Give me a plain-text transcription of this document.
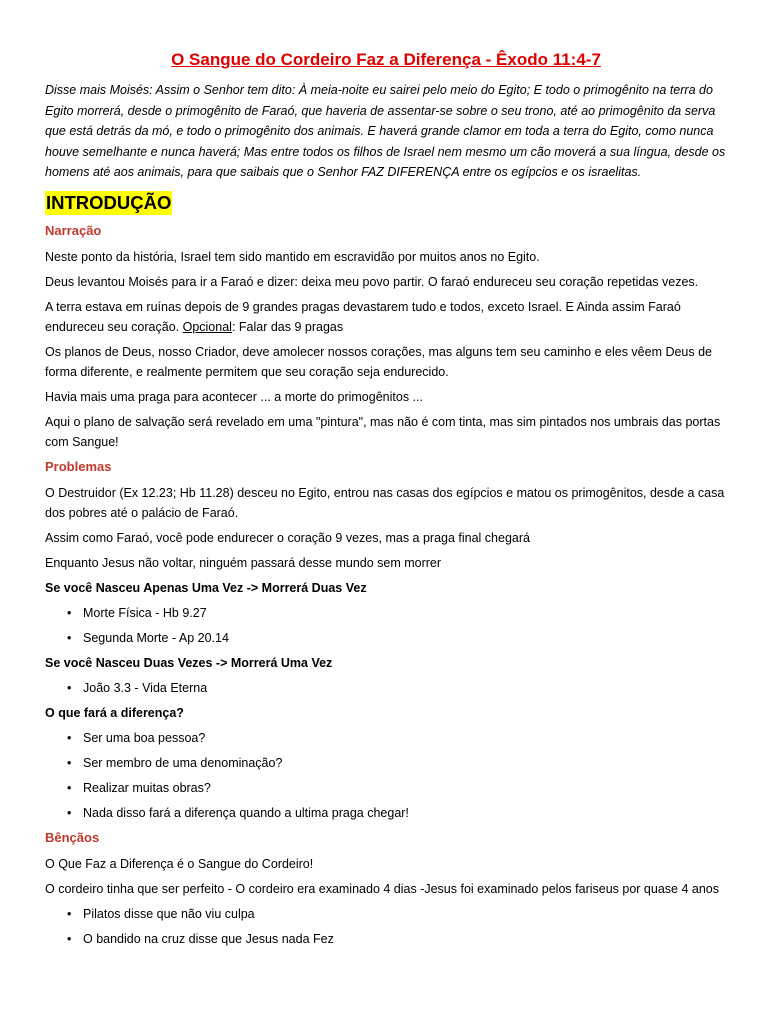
O Sangue do Cordeiro Faz a Diferença - Êxodo 11:4-7

Disse mais Moisés: Assim o Senhor tem dito: À meia-noite eu sairei pelo meio do Egito; E todo o primogênito na terra do Egito morrerá, desde o primogênito de Faraó, que haveria de assentar-se sobre o seu trono, até ao primogênito da serva que está detrás da mó, e todo o primogênito dos animais. E haverá grande clamor em toda a terra do Egito, como nunca houve semelhante e nunca haverá; Mas entre todos os filhos de Israel nem mesmo um cão moverá a sua língua, desde os homens até aos animais, para que saibais que o Senhor FAZ DIFERENÇA entre os egípcios e os israelitas.

INTRODUÇÃO
Narração

Neste ponto da história, Israel tem sido mantido em escravidão por muitos anos no Egito.

Deus levantou Moisés para ir a Faraó e dizer: deixa meu povo partir. O faraó endureceu seu coração repetidas vezes.

A terra estava em ruínas depois de 9 grandes pragas devastarem tudo e todos, exceto Israel. E Ainda assim Faraó endureceu seu coração. Opcional: Falar das 9 pragas

Os planos de Deus, nosso Criador, deve amolecer nossos corações, mas alguns tem seu caminho e eles vêem Deus de forma diferente, e realmente permitem que seu coração seja endurecido.

Havia mais uma praga para acontecer ... a morte do primogênitos ...

Aqui o plano de salvação será revelado em uma "pintura", mas não é com tinta, mas sim pintados nos umbrais das portas com Sangue!

Problemas

O Destruidor (Ex 12.23; Hb 11.28) desceu no Egito, entrou nas casas dos egípcios e matou os primogênitos, desde a casa dos pobres até o palácio de Faraó.

Assim como Faraó, você pode endurecer o coração 9 vezes, mas a praga final chegará

Enquanto Jesus não voltar, ninguém passará desse mundo sem morrer

Se você Nasceu Apenas Uma Vez -> Morrerá Duas Vez

• Morte Física - Hb 9.27
• Segunda Morte - Ap 20.14

Se você Nasceu Duas Vezes -> Morrerá Uma Vez

• João 3.3 - Vida Eterna

O que fará a diferença?

• Ser uma boa pessoa?
• Ser membro de uma denominação?
• Realizar muitas obras?
• Nada disso fará a diferença quando a ultima praga chegar!
Bênçãos

O Que Faz a Diferença é o Sangue do Cordeiro!

O cordeiro tinha que ser perfeito - O cordeiro era examinado 4 dias -Jesus foi examinado pelos fariseus por quase 4 anos

• Pilatos disse que não viu culpa
• O bandido na cruz disse que Jesus nada Fez
